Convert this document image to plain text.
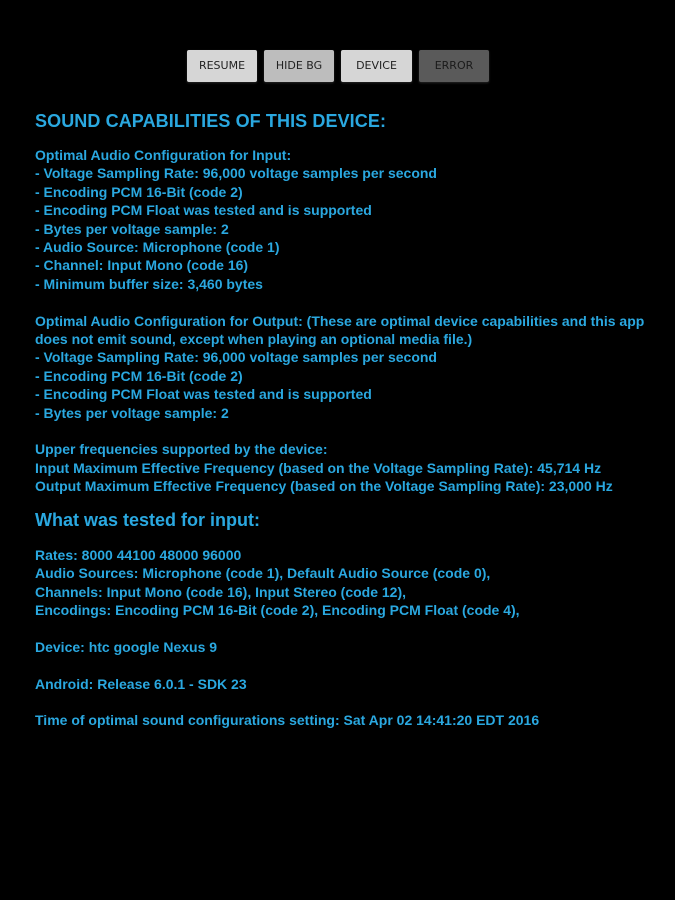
RESUME	HIDE BG	DEVICE	ERROR
SOUND CAPABILITIES OF THIS DEVICE:
Optimal Audio Configuration for Input:
- Voltage Sampling Rate: 96,000 voltage samples per second
- Encoding PCM 16-Bit (code 2)
- Encoding PCM Float was tested and is supported
- Bytes per voltage sample: 2
- Audio Source: Microphone (code 1)
- Channel: Input Mono (code 16)
- Minimum buffer size: 3,460 bytes
Optimal Audio Configuration for Output: (These are optimal device capabilities and this app does not emit sound, except when playing an optional media file.)
- Voltage Sampling Rate: 96,000 voltage samples per second
- Encoding PCM 16-Bit (code 2)
- Encoding PCM Float was tested and is supported
- Bytes per voltage sample: 2
Upper frequencies supported by the device:
Input Maximum Effective Frequency (based on the Voltage Sampling Rate): 45,714 Hz
Output Maximum Effective Frequency (based on the Voltage Sampling Rate): 23,000 Hz
What was tested for input:
Rates: 8000 44100 48000 96000
Audio Sources: Microphone (code 1), Default Audio Source (code 0),
Channels: Input Mono (code 16), Input Stereo (code 12),
Encodings: Encoding PCM 16-Bit (code 2), Encoding PCM Float (code 4),
Device: htc google Nexus 9
Android: Release 6.0.1 - SDK 23
Time of optimal sound configurations setting: Sat Apr 02 14:41:20 EDT 2016
